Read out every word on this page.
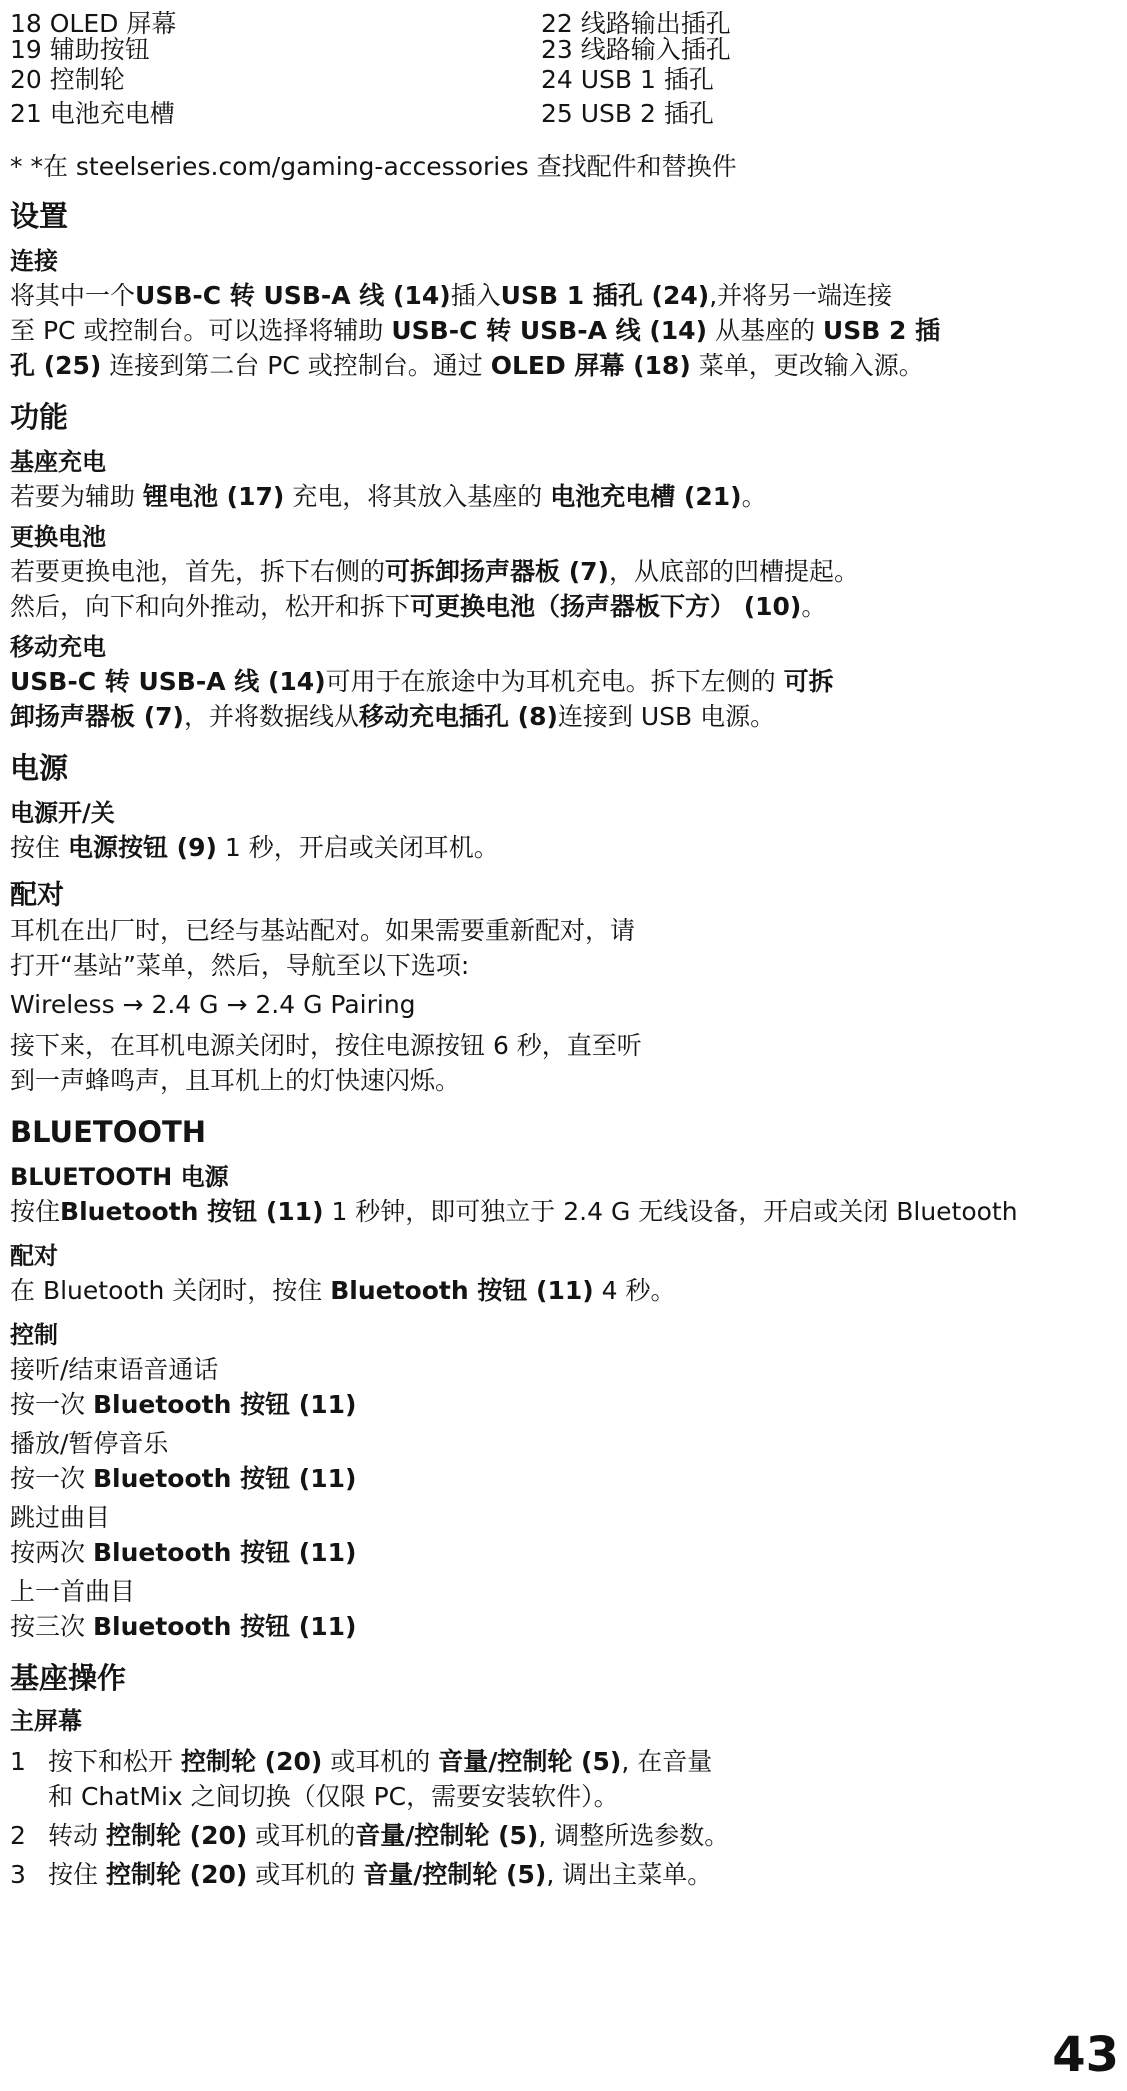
18 OLED 屏幕
19 辅助按钮
20 控制轮
21 电池充电槽
22 线路输出插孔
23 线路输入插孔
24 USB 1 插孔
25 USB 2 插孔
* *在 steelseries.com/gaming-accessories 查找配件和替换件
设置
连接
将其中一个USB-C 转 USB-A 线 (14)插入USB 1 插孔 (24),并将另一端连接
至 PC 或控制台。可以选择将辅助 USB-C 转 USB-A 线 (14) 从基座的 USB 2 插
孔 (25) 连接到第二台 PC 或控制台。通过 OLED 屏幕 (18) 菜单，更改输入源。
功能
基座充电
若要为辅助 锂电池 (17) 充电，将其放入基座的 电池充电槽 (21)。
更换电池
若要更换电池，首先，拆下右侧的可拆卸扬声器板 (7)，从底部的凹槽提起。
然后，向下和向外推动，松开和拆下可更换电池（扬声器板下方） (10)。
移动充电
USB-C 转 USB-A 线 (14)可用于在旅途中为耳机充电。拆下左侧的 可拆
卸扬声器板 (7)，并将数据线从移动充电插孔 (8)连接到 USB 电源。
电源
电源开/关
按住 电源按钮 (9) 1 秒，开启或关闭耳机。
配对
耳机在出厂时，已经与基站配对。如果需要重新配对，请
打开“基站”菜单，然后，导航至以下选项:
Wireless → 2.4 G → 2.4 G Pairing
接下来，在耳机电源关闭时，按住电源按钮 6 秒，直至听
到一声蜂鸣声，且耳机上的灯快速闪烁。
BLUETOOTH
BLUETOOTH 电源
按住Bluetooth 按钮 (11) 1 秒钟，即可独立于 2.4 G 无线设备，开启或关闭 Bluetooth
配对
在 Bluetooth 关闭时，按住 Bluetooth 按钮 (11) 4 秒。
控制
接听/结束语音通话
按一次 Bluetooth 按钮 (11)
播放/暂停音乐
按一次 Bluetooth 按钮 (11)
跳过曲目
按两次 Bluetooth 按钮 (11)
上一首曲目
按三次 Bluetooth 按钮 (11)
基座操作
主屏幕
1 按下和松开 控制轮 (20) 或耳机的 音量/控制轮 (5), 在音量
和 ChatMix 之间切换（仅限 PC，需要安装软件）。
2 转动 控制轮 (20) 或耳机的音量/控制轮 (5), 调整所选参数。
3 按住 控制轮 (20) 或耳机的 音量/控制轮 (5), 调出主菜单。
43
